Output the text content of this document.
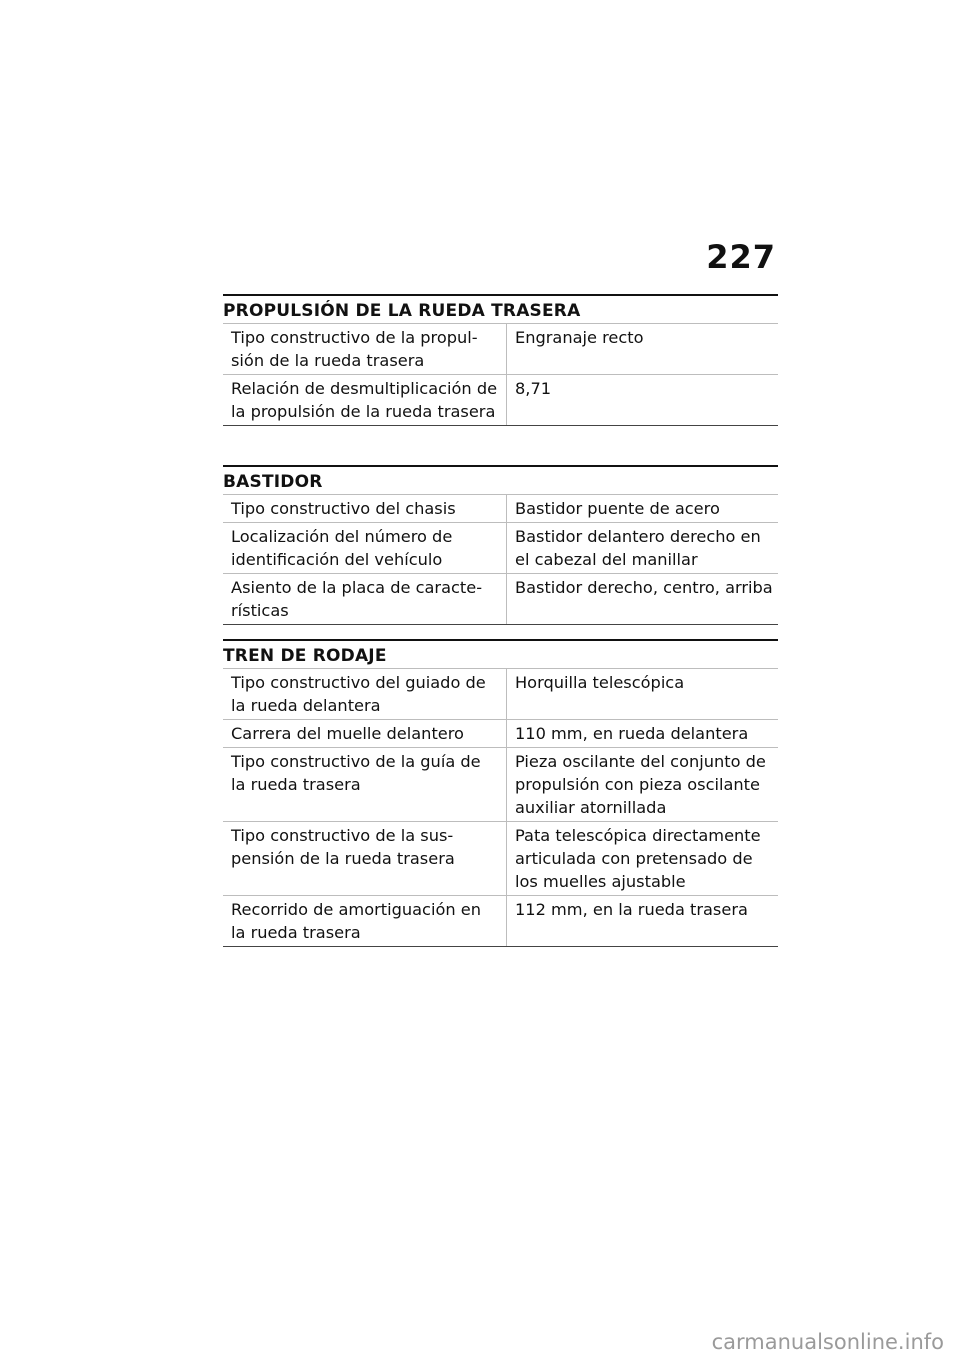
227
PROPULSIÓN DE LA RUEDA TRASERA
Tipo constructivo de la propul-sión de la rueda trasera	Engranaje recto
Relación de desmultiplicación de la propulsión de la rueda trasera	8,71
BASTIDOR
Tipo constructivo del chasis	Bastidor puente de acero
Localización del número de identificación del vehículo	Bastidor delantero derecho en el cabezal del manillar
Asiento de la placa de caracte-rísticas	Bastidor derecho, centro, arriba
TREN DE RODAJE
Tipo constructivo del guiado de la rueda delantera	Horquilla telescópica
Carrera del muelle delantero	110 mm, en rueda delantera
Tipo constructivo de la guía de la rueda trasera	Pieza oscilante del conjunto de propulsión con pieza oscilante auxiliar atornillada
Tipo constructivo de la sus-pensión de la rueda trasera	Pata telescópica directamente articulada con pretensado de los muelles ajustable
Recorrido de amortiguación en la rueda trasera	112 mm, en la rueda trasera
carmanualsonline.info
